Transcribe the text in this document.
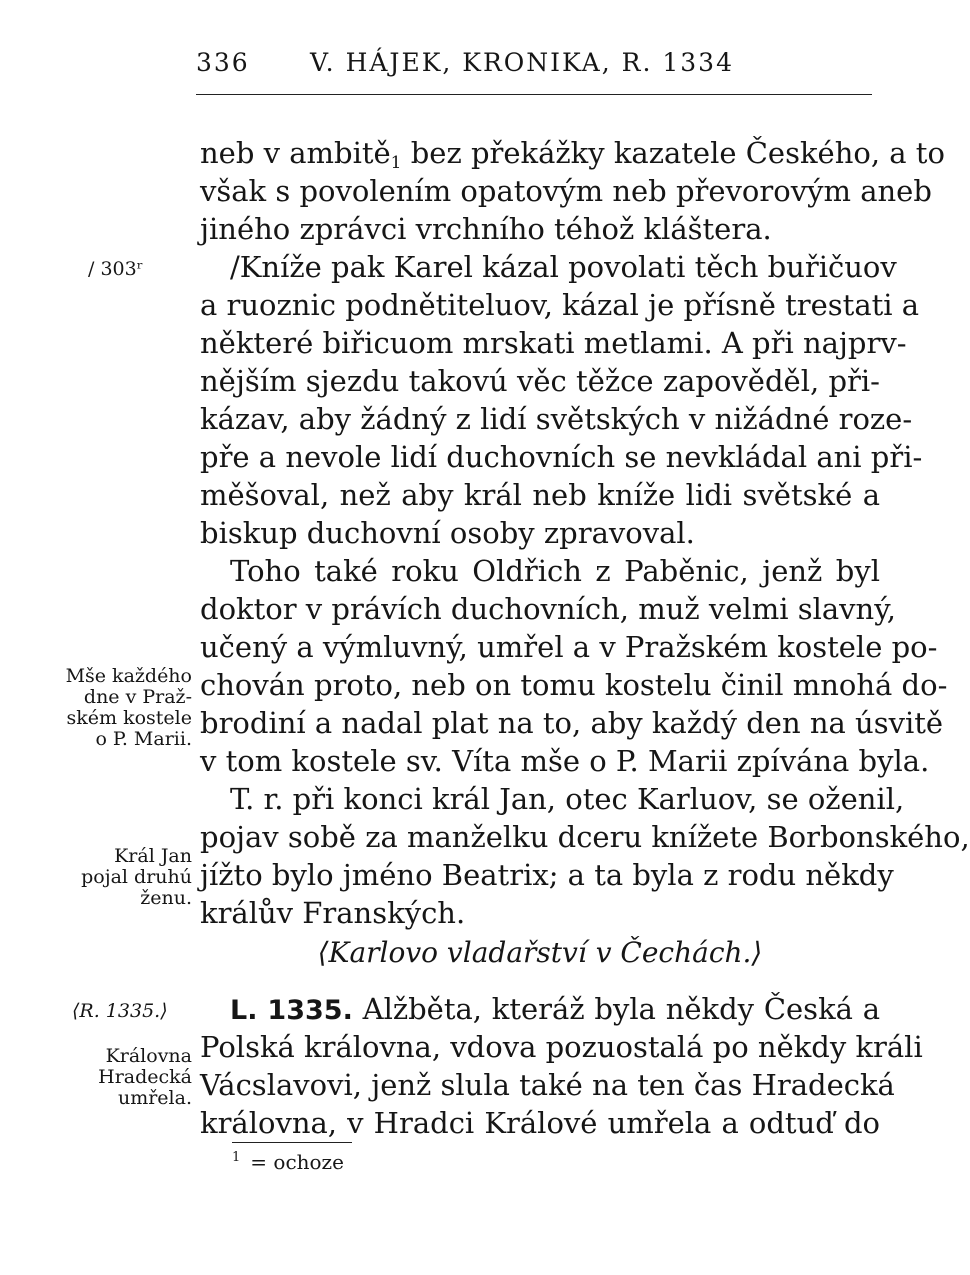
336 V. HÁJEK, KRONIKA, R. 1334
neb v ambitě$_1$ bez překážky kazatele Českého, a to
však s povolením opatovým neb převorovým aneb
jiného zprávci vrchního téhož kláštera.
/ 303ʳ	/Kníže pak Karel kázal povolati těch buřičuov
a ruoznic podnětiteluov, kázal je přísně trestati a
některé biřicuom mrskati metlami. A při najprv-
nějším sjezdu takovú věc těžce zapověděl, při-
kázav, aby žádný z lidí světských v nižádné roze-
pře a nevole lidí duchovních se nevkládal ani při-
měšoval, než aby král neb kníže lidi světské a
biskup duchovní osoby zpravoval.
Toho také roku Oldřich z Paběnic, jenž byl
doktor v právích duchovních, muž velmi slavný,
učený a výmluvný, umřel a v Pražském kostele po-
chován proto, neb on tomu kostelu činil mnohá do-
brodiní a nadal plat na to, aby každý den na úsvitě
v tom kostele sv. Víta mše o P. Marii zpívána byla.
Mše každého
dne v Praž-
ském kostele
o P. Marii.
T. r. při konci král Jan, otec Karluov, se oženil,
pojav sobě za manželku dceru knížete Borbonského,
jížto bylo jméno Beatrix; a ta byla z rodu někdy
králův Franských.
Král Jan
pojal druhú
ženu.
⟨Karlovo vladařství v Čechách.⟩
⟨R. 1335.⟩	L. 1335. Alžběta, kteráž byla někdy Česká a
Polská královna, vdova pozuostalá po někdy králi
Vácslavovi, jenž slula také na ten čas Hradecká
královna, v Hradci Králové umřela a odtuď do
Královna
Hradecká
umřela.
$^1$ = ochoze
